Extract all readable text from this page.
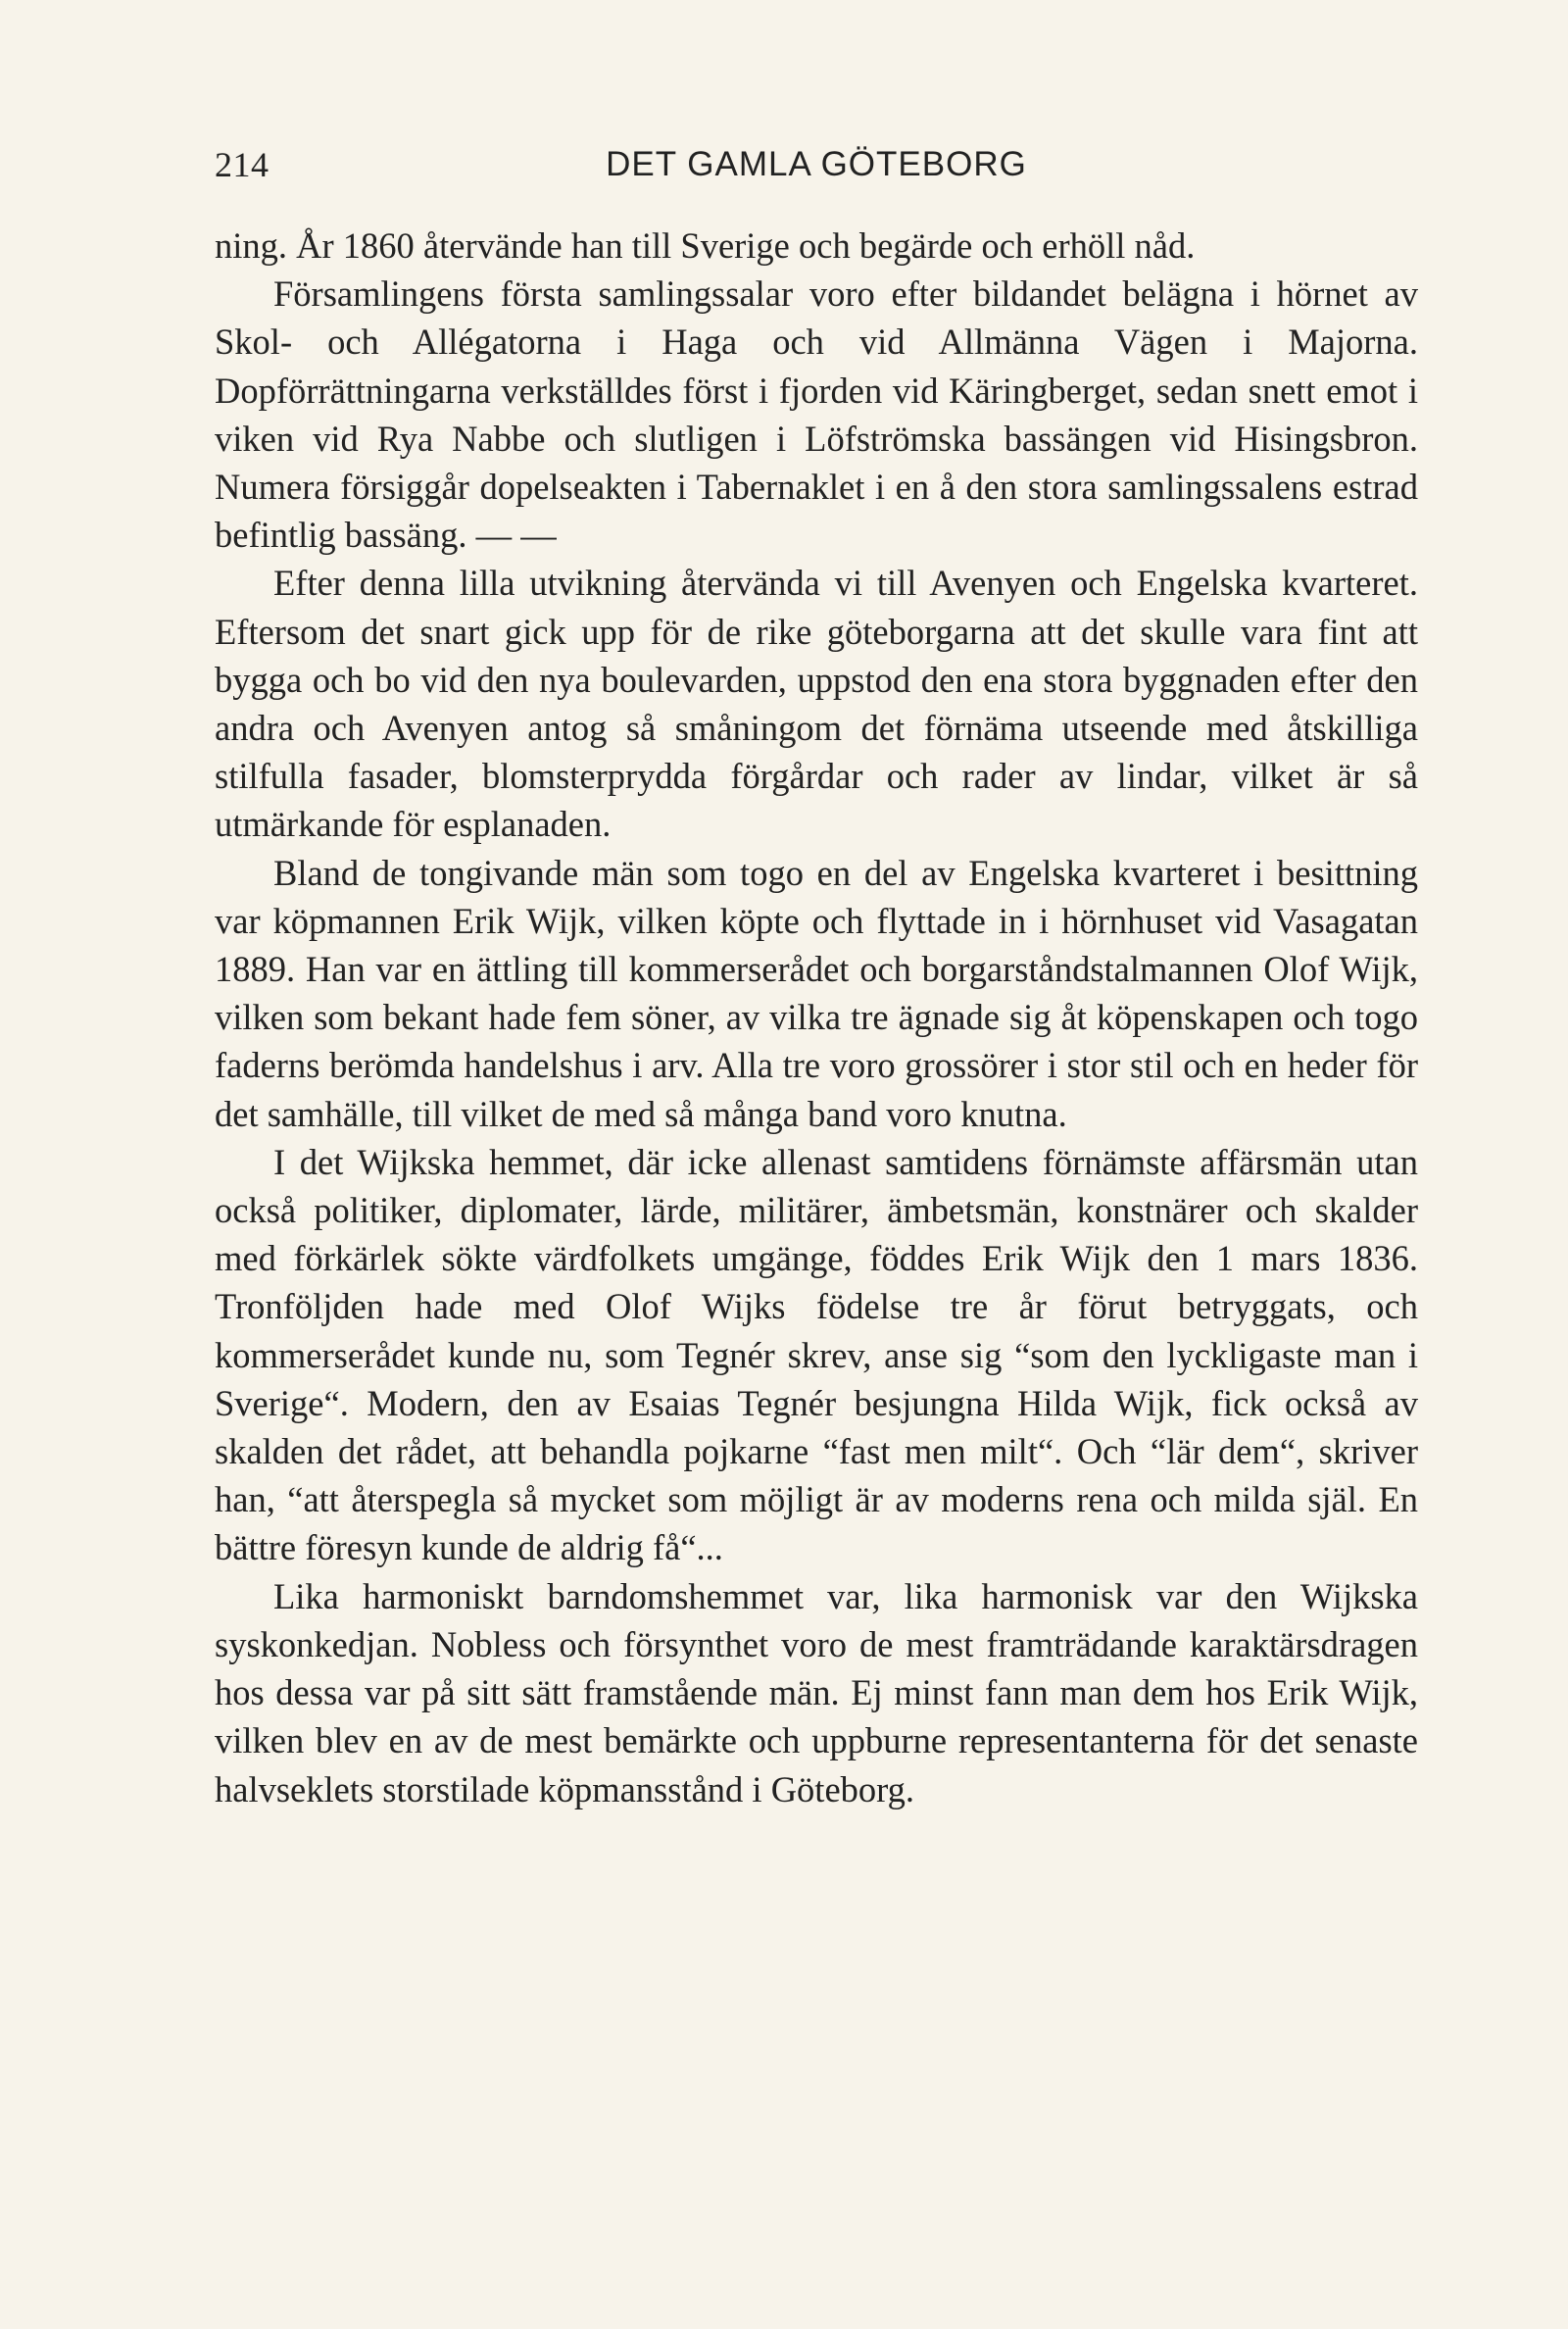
214	DET GAMLA GÖTEBORG

ning. År 1860 återvände han till Sverige och begärde och erhöll nåd.

Församlingens första samlingssalar voro efter bildandet belägna i hörnet av Skol- och Allégatorna i Haga och vid Allmänna Vägen i Majorna. Dopförrättningarna verkställdes först i fjorden vid Käringberget, sedan snett emot i viken vid Rya Nabbe och slutligen i Löfströmska bassängen vid Hisingsbron. Numera försiggår dopelseakten i Tabernaklet i en å den stora samlingssalens estrad befintlig bassäng. — —

Efter denna lilla utvikning återvända vi till Avenyen och Engelska kvarteret. Eftersom det snart gick upp för de rike göteborgarna att det skulle vara fint att bygga och bo vid den nya boulevarden, uppstod den ena stora byggnaden efter den andra och Avenyen antog så småningom det förnäma utseende med åtskilliga stilfulla fasader, blomsterprydda förgårdar och rader av lindar, vilket är så utmärkande för esplanaden.

Bland de tongivande män som togo en del av Engelska kvarteret i besittning var köpmannen Erik Wijk, vilken köpte och flyttade in i hörnhuset vid Vasagatan 1889. Han var en ättling till kommerserådet och borgarståndstalmannen Olof Wijk, vilken som bekant hade fem söner, av vilka tre ägnade sig åt köpenskapen och togo faderns berömda handelshus i arv. Alla tre voro grossörer i stor stil och en heder för det samhälle, till vilket de med så många band voro knutna.

I det Wijkska hemmet, där icke allenast samtidens förnämste affärsmän utan också politiker, diplomater, lärde, militärer, ämbetsmän, konstnärer och skalder med förkärlek sökte värdfolkets umgänge, föddes Erik Wijk den 1 mars 1836. Tronföljden hade med Olof Wijks födelse tre år förut betryggats, och kommerserådet kunde nu, som Tegnér skrev, anse sig “som den lyckligaste man i Sverige“. Modern, den av Esaias Tegnér besjungna Hilda Wijk, fick också av skalden det rådet, att behandla pojkarne “fast men milt“. Och “lär dem“, skriver han, “att återspegla så mycket som möjligt är av moderns rena och milda själ. En bättre föresyn kunde de aldrig få“...

Lika harmoniskt barndomshemmet var, lika harmonisk var den Wijkska syskonkedjan. Nobless och försynthet voro de mest framträdande karaktärsdragen hos dessa var på sitt sätt framstående män. Ej minst fann man dem hos Erik Wijk, vilken blev en av de mest bemärkte och uppburne representanterna för det senaste halvseklets storstilade köpmansstånd i Göteborg.
